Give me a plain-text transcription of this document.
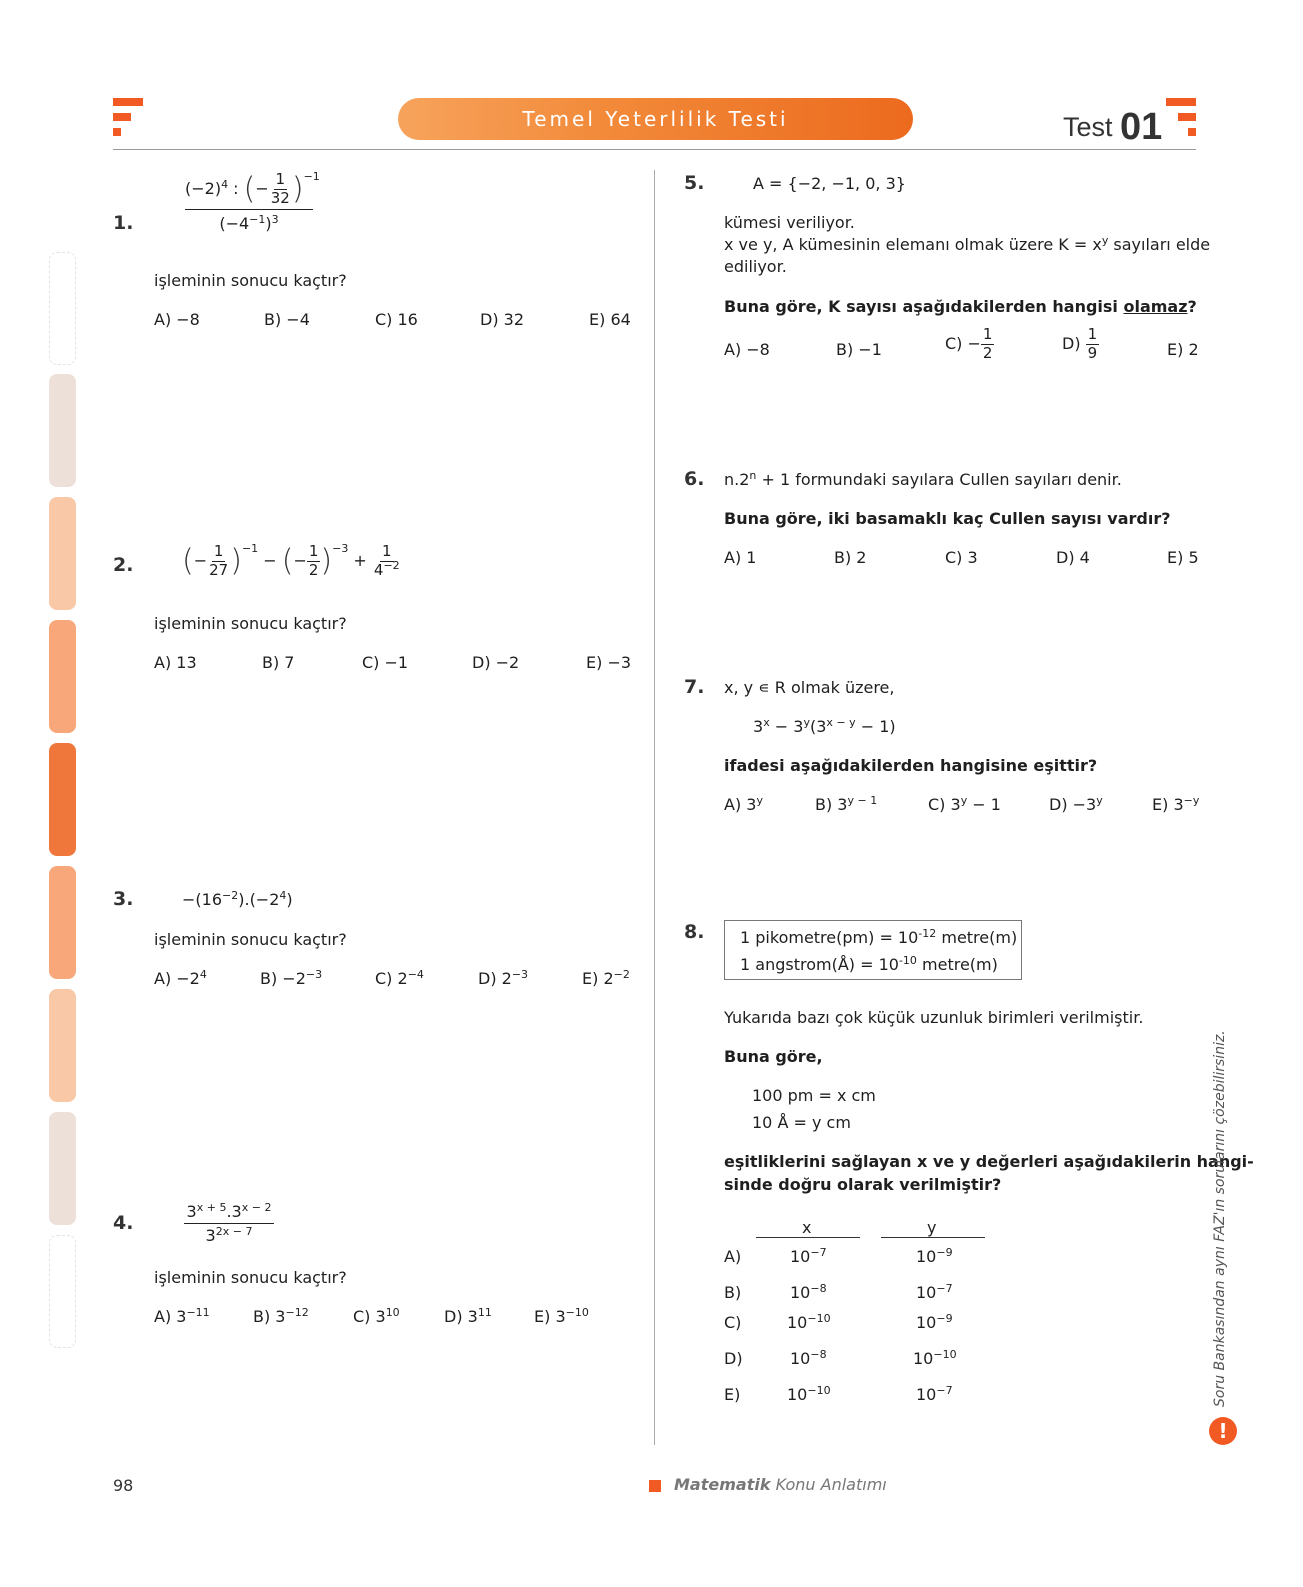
Temel Yeterlilik Testi	Test 01
1.
$(-2)^4$ : (− $\frac{1}{32} )^{-1}$
$(-4^{-1})^3$
işleminin sonucu kaçtır?
A) −8	B) −4	C) 16	D) 32	E) 64
2. (− $\frac{1}{27} )^{-1}$ − (− $\frac{1}{2} )^{-3} + \frac{1}{4^{-2}}$
işleminin sonucu kaçtır?
A) 13	B) 7	C) −1	D) −2	E) −3
3.	$-(16^{-2}).(-2^4)$
işleminin sonucu kaçtır?
$A) -2^4$	$B) -2^{-3}$	C) $2^{-4}$	D) $2^{-3}$	E) $2^{-2}$
4.
$3^{x + 5}.3^{x - 2}$
$3^{2x - 7}$
işleminin sonucu kaçtır?
A) $3^{-11}$	B) $3^{-12}$	C) $3^{10}$	D) $3^{11}$	E) $3^{-10}$
5.	A = {−2, −1, 0, 3}
kümesi veriliyor.
x ve y, A kümesinin elemanı olmak üzere $K = x^y$ sayıları elde
ediliyor.
Buna göre, K sayısı aşağıdakilerden hangisi olamaz?
A) −8	B) −1	$C) - \frac{1}{2}$	$D) \frac{1}{9}$	E) 2
6. $n.2^n + 1$ formundaki sayılara Cullen sayıları denir.
Buna göre, iki basamaklı kaç Cullen sayısı vardır?
A) 1	B) 2	C) 3	D) 4	E) 5
7. x, y ∊ R olmak üzere,
$3^x - 3^y(3^{x - y} - 1)$
ifadesi aşağıdakilerden hangisine eşittir?
A) 3$^y$	B) $3^{y - 1}$	C) $3^y - 1$	$D) -3^y$	E) $3^{-y}$
8. 1 pikometre(pm) = $10^{-12}$ metre(m)
1 angstrom(Å) = $10^{-10}$ metre(m)
Yukarıda bazı çok küçük uzunluk birimleri verilmiştir.
Buna göre,
100 pm = x cm
10 Å = y cm
eşitliklerini sağlayan x ve y değerleri aşağıdakilerin hangi-
sinde doğru olarak verilmiştir?
x	y
A)	$10^{-7}$	$10^{-9}$
B)	$10^{-8}$	$10^{-7}$
C)	$10^{-10}$	$10^{-9}$
D)	$10^{-8}$	$10^{-10}$
E)	$10^{-10}$	$10^{-7}$	Soru Bankasından aynı FAZ'ın sorularını çözebilirsiniz.
!
98	Matematik Konu Anlatımı
